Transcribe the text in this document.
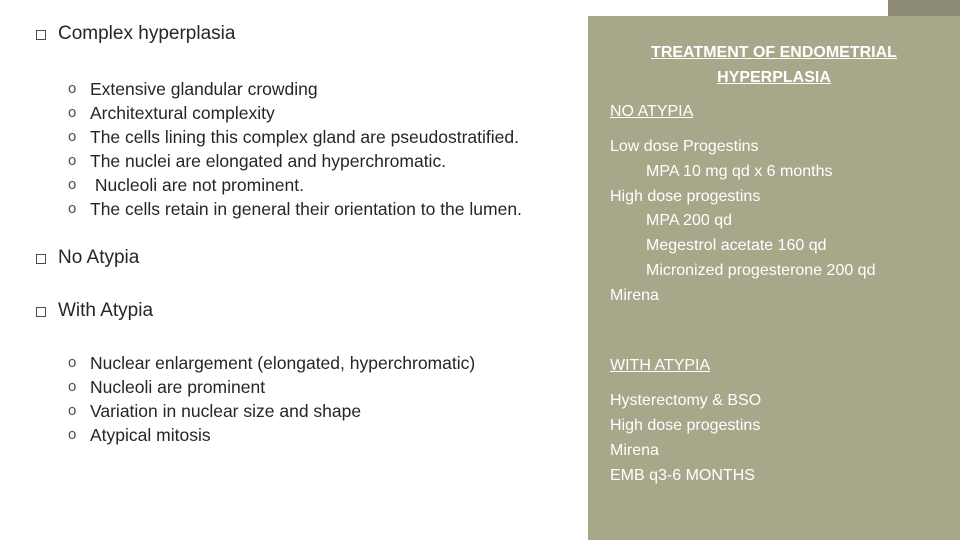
Complex hyperplasia
o Extensive glandular crowding
o Architextural complexity
o The cells lining this complex gland are pseudostratified.
o The nuclei are elongated and hyperchromatic.
o Nucleoli are not prominent.
o The cells retain in general their orientation to the lumen.
No Atypia
With Atypia
o Nuclear enlargement (elongated, hyperchromatic)
o Nucleoli are prominent
o Variation in nuclear size and shape
o Atypical mitosis
TREATMENT OF ENDOMETRIAL
HYPERPLASIA
NO ATYPIA
Low dose Progestins
MPA 10 mg qd x 6 months
High dose progestins
MPA 200 qd
Megestrol acetate 160 qd
Micronized progesterone 200 qd
Mirena
WITH ATYPIA
Hysterectomy & BSO
High dose progestins
Mirena
EMB q3-6 MONTHS
